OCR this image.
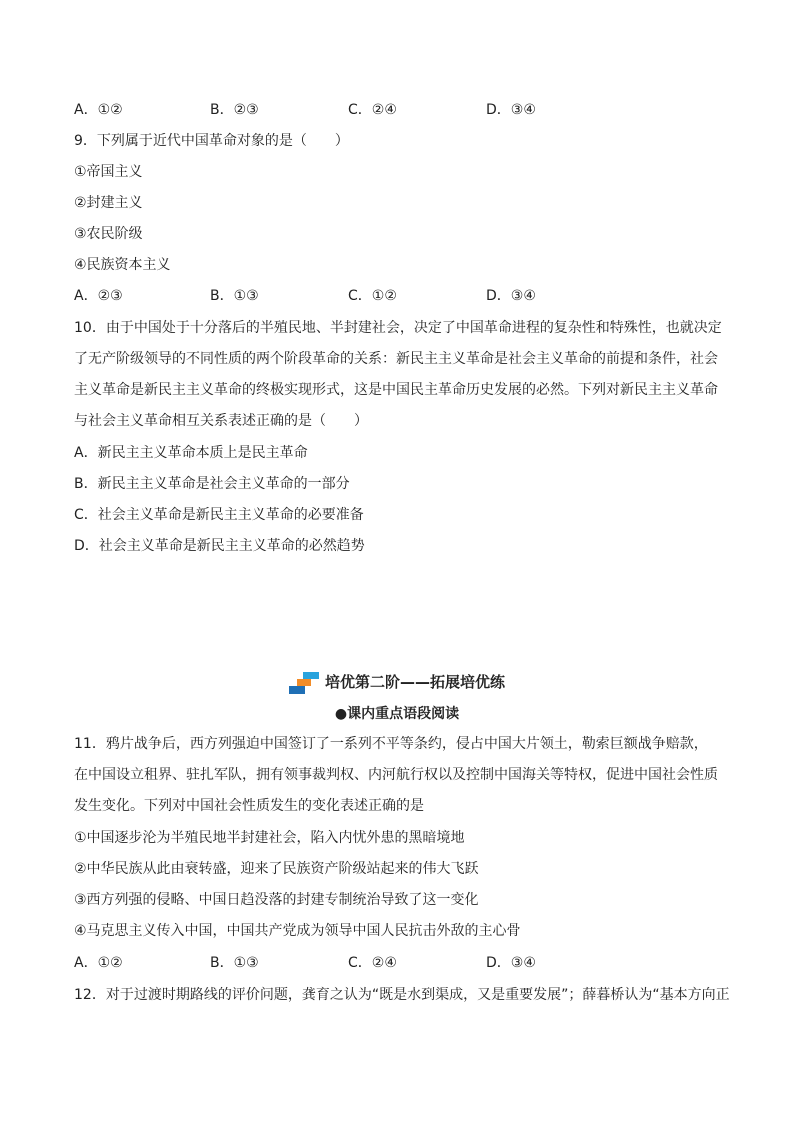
A．①②	B．②③	C．②④	D．③④
9．下列属于近代中国革命对象的是（　　）
①帝国主义
②封建主义
③农民阶级
④民族资本主义
A．②③	B．①③	C．①②	D．③④
10．由于中国处于十分落后的半殖民地、半封建社会，决定了中国革命进程的复杂性和特殊性，也就决定
了无产阶级领导的不同性质的两个阶段革命的关系：新民主主义革命是社会主义革命的前提和条件，社会
主义革命是新民主主义革命的终极实现形式，这是中国民主革命历史发展的必然。下列对新民主主义革命
与社会主义革命相互关系表述正确的是（　　）
A．新民主主义革命本质上是民主革命
B．新民主主义革命是社会主义革命的一部分
C．社会主义革命是新民主主义革命的必要准备
D．社会主义革命是新民主主义革命的必然趋势
培优第二阶——拓展培优练
●课内重点语段阅读
11．鸦片战争后，西方列强迫中国签订了一系列不平等条约，侵占中国大片领土，勒索巨额战争赔款，
在中国设立租界、驻扎军队，拥有领事裁判权、内河航行权以及控制中国海关等特权，促进中国社会性质
发生变化。下列对中国社会性质发生的变化表述正确的是
①中国逐步沦为半殖民地半封建社会，陷入内忧外患的黑暗境地
②中华民族从此由衰转盛，迎来了民族资产阶级站起来的伟大飞跃
③西方列强的侵略、中国日趋没落的封建专制统治导致了这一变化
④马克思主义传入中国，中国共产党成为领导中国人民抗击外敌的主心骨
A．①②	B．①③	C．②④	D．③④
12．对于过渡时期路线的评价问题，龚育之认为“既是水到渠成，又是重要发展”；薛暮桥认为“基本方向正
